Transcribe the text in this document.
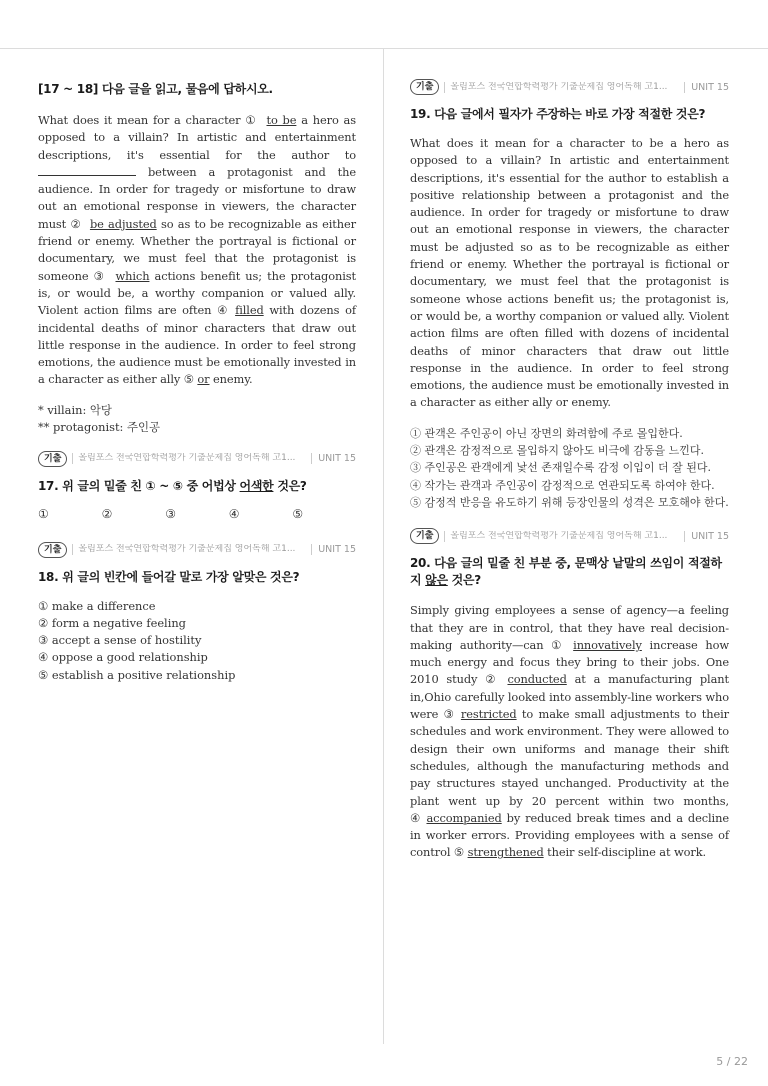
[17 ~ 18] 다음 글을 읽고, 물음에 답하시오.

What does it mean for a character ① to be a hero as opposed to a villain? In artistic and entertainment descriptions, it's essential for the author to  between a protagonist and the audience. In order for tragedy or misfortune to draw out an emotional response in viewers, the character must ② be adjusted so as to be recognizable as either friend or enemy. Whether the portrayal is fictional or documentary, we must feel that the protagonist is someone ③ which actions benefit us; the protagonist is, or would be, a worthy companion or valued ally. Violent action films are often ④ filled with dozens of incidental deaths of minor characters that draw out little response in the audience. In order to feel strong emotions, the audience must be emotionally invested in a character as either ally ⑤ or enemy.

* villain: 악당
** protagonist: 주인공
기출	올림포스 전국연합학력평가 기출문제집 영어독해 고1...	UNIT 15
17. 위 글의 밑줄 친 ① ~ ⑤ 중 어법상 어색한 것은?
①	②	③	④	⑤
기출	올림포스 전국연합학력평가 기출문제집 영어독해 고1...	UNIT 15
18. 위 글의 빈칸에 들어갈 말로 가장 알맞은 것은?
① make a difference
② form a negative feeling
③ accept a sense of hostility
④ oppose a good relationship
⑤ establish a positive relationship
기출	올림포스 전국연합학력평가 기출문제집 영어독해 고1...	UNIT 15
19. 다음 글에서 필자가 주장하는 바로 가장 적절한 것은?

What does it mean for a character to be a hero as opposed to a villain? In artistic and entertainment descriptions, it's essential for the author to establish a positive relationship between a protagonist and the audience. In order for tragedy or misfortune to draw out an emotional response in viewers, the character must be adjusted so as to be recognizable as either friend or enemy. Whether the portrayal is fictional or documentary, we must feel that the protagonist is someone whose actions benefit us; the protagonist is, or would be, a worthy companion or valued ally. Violent action films are often filled with dozens of incidental deaths of minor characters that draw out little response in the audience. In order to feel strong emotions, the audience must be emotionally invested in a character as either ally or enemy.

① 관객은 주인공이 아닌 장면의 화려함에 주로 몰입한다.
② 관객은 감정적으로 몰입하지 않아도 비극에 감동을 느낀다.
③ 주인공은 관객에게 낯선 존재일수록 감정 이입이 더 잘 된다.
④ 작가는 관객과 주인공이 감정적으로 연관되도록 하여야 한다.
⑤ 감정적 반응을 유도하기 위해 등장인물의 성격은 모호해야 한다.
기출	올림포스 전국연합학력평가 기출문제집 영어독해 고1...	UNIT 15
20. 다음 글의 밑줄 친 부분 중, 문맥상 낱말의 쓰임이 적절하지 않은 것은?

Simply giving employees a sense of agency—a feeling that they are in control, that they have real decision-making authority—can ① innovatively increase how much energy and focus they bring to their jobs. One 2010 study ② conducted at a manufacturing plant in,Ohio carefully looked into assembly-line workers who were ③ restricted to make small adjustments to their schedules and work environment. They were allowed to design their own uniforms and manage their shift schedules, although the manufacturing methods and pay structures stayed unchanged. Productivity at the plant went up by 20 percent within two months, ④ accompanied by reduced break times and a decline in worker errors. Providing employees with a sense of control ⑤ strengthened their self-discipline at work.

5 / 22
